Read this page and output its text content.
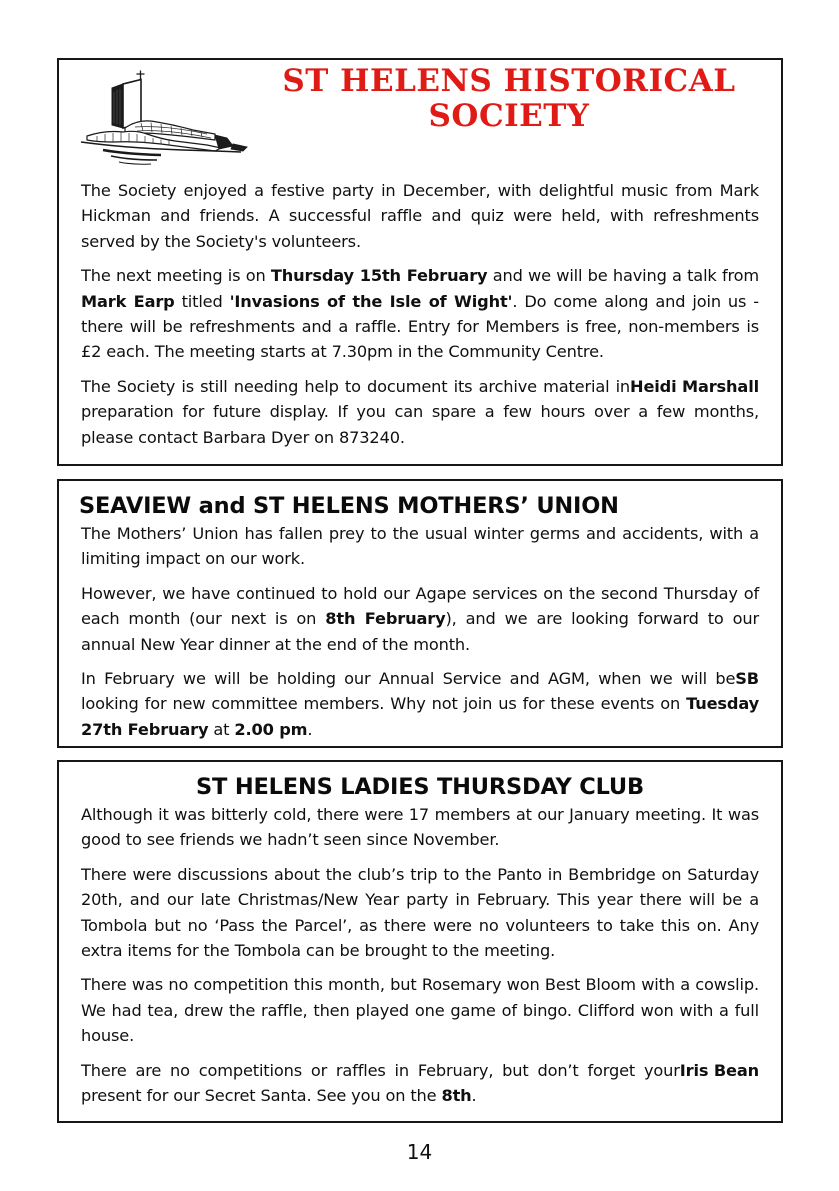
ST HELENS HISTORICAL SOCIETY

The Society enjoyed a festive party in December, with delightful music from Mark Hickman and friends. A successful raffle and quiz were held, with refreshments served by the Society's volunteers.

The next meeting is on Thursday 15th February and we will be having a talk from Mark Earp titled 'Invasions of the Isle of Wight'. Do come along and join us - there will be refreshments and a raffle. Entry for Members is free, non-members is £2 each. The meeting starts at 7.30pm in the Community Centre.

Heidi Marshall
The Society is still needing help to document its archive material in preparation for future display. If you can spare a few hours over a few months, please contact Barbara Dyer on 873240.

SEAVIEW and ST HELENS MOTHERS’ UNION

The Mothers’ Union has fallen prey to the usual winter germs and accidents, with a limiting impact on our work.

However, we have continued to hold our Agape services on the second Thursday of each month (our next is on 8th February), and we are looking forward to our annual New Year dinner at the end of the month.

SB
In February we will be holding our Annual Service and AGM, when we will be looking for new committee members. Why not join us for these events on Tuesday 27th February at 2.00 pm.

ST HELENS LADIES THURSDAY CLUB

Although it was bitterly cold, there were 17 members at our January meeting. It was good to see friends we hadn’t seen since November.

There were discussions about the club’s trip to the Panto in Bembridge on Saturday 20th, and our late Christmas/New Year party in February. This year there will be a Tombola but no ‘Pass the Parcel’, as there were no volunteers to take this on. Any extra items for the Tombola can be brought to the meeting.

There was no competition this month, but Rosemary won Best Bloom with a cowslip. We had tea, drew the raffle, then played one game of bingo. Clifford won with a full house.

Iris Bean
There are no competitions or raffles in February, but don’t forget your present for our Secret Santa. See you on the 8th.

14
